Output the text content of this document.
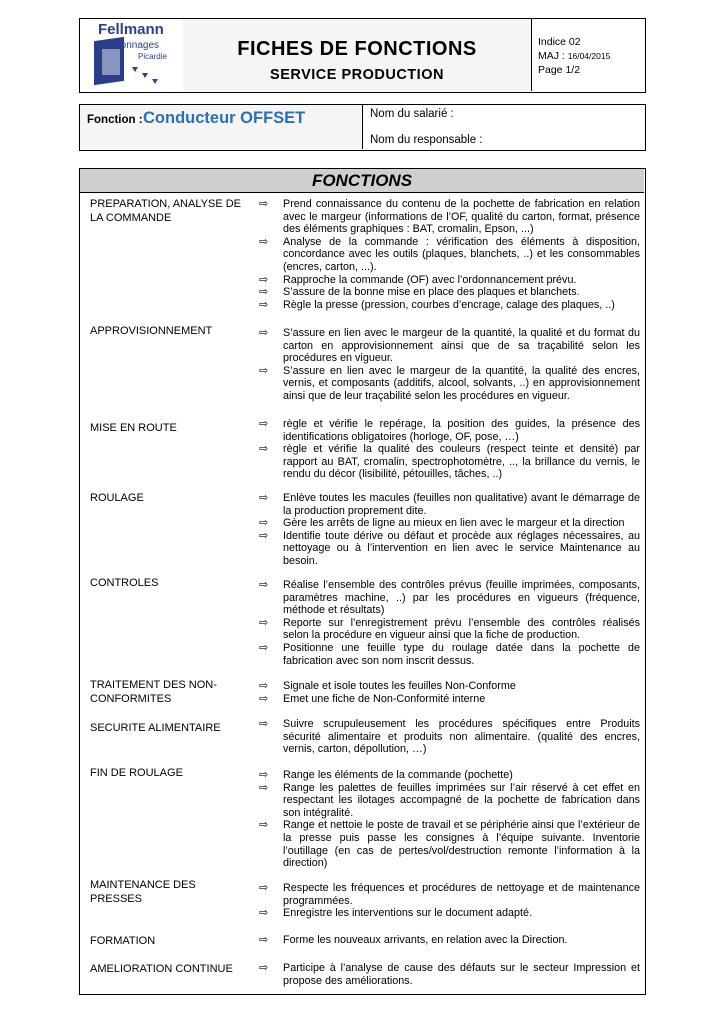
Fellmann
cartonnages
Picardie	FICHES DE FONCTIONS
SERVICE PRODUCTION
Indice 02
MAJ : 16/04/2015
Page 1/2
Fonction : Conducteur OFFSET	Nom du salarié :
Nom du responsable :
FONCTIONS
PREPARATION, ANALYSE DE LA COMMANDE
⇨ Prend connaissance du contenu de la pochette de fabrication en relation avec le margeur (informations de l’OF, qualité du carton, format, présence des éléments graphiques : BAT, cromalin, Epson, ...)
⇨ Analyse de la commande : vérification des éléments à disposition, concordance avec les outils (plaques, blanchets, ..) et les consommables (encres, carton, ...).
⇨ Rapproche la commande (OF) avec l’ordonnancement prévu.
⇨ S’assure de la bonne mise en place des plaques et blanchets.
⇨ Règle la presse (pression, courbes d’encrage, calage des plaques, ..)
APPROVISIONNEMENT	⇨ S’assure en lien avec le margeur de la quantité, la qualité et du format du carton en approvisionnement ainsi que de sa traçabilité selon les procédures en vigueur.
⇨ S’assure en lien avec le margeur de la quantité, la qualité des encres, vernis, et composants (additifs, alcool, solvants, ..) en approvisionnement ainsi que de leur traçabilité selon les procédures en vigueur.
MISE EN ROUTE	⇨ règle et vérifie le repérage, la position des guides, la présence des identifications obligatoires (horloge, OF, pose, …)
⇨ règle et vérifie la qualité des couleurs (respect teinte et densité) par rapport au BAT, cromalin, spectrophotomètre, .., la brillance du vernis, le rendu du décor (lisibilité, pétouilles, tâches, ..)
ROULAGE	⇨ Enlève toutes les macules (feuilles non qualitative) avant le démarrage de la production proprement dite.
⇨ Gère les arrêts de ligne au mieux en lien avec le margeur et la direction
⇨ Identifie toute dérive ou défaut et procède aux réglages nécessaires, au nettoyage ou à l’intervention en lien avec le service Maintenance au besoin.
CONTROLES	⇨ Réalise l’ensemble des contrôles prévus (feuille imprimées, composants, paramètres machine, ..) par les procédures en vigueurs (fréquence, méthode et résultats)
⇨ Reporte sur l’enregistrement prévu l’ensemble des contrôles réalisés selon la procédure en vigueur ainsi que la fiche de production.
⇨ Positionne une feuille type du roulage datée dans la pochette de fabrication avec son nom inscrit dessus.
TRAITEMENT DES NON-CONFORMITES
⇨ Signale et isole toutes les feuilles Non-Conforme
⇨ Emet une fiche de Non-Conformité interne
SECURITE ALIMENTAIRE	⇨ Suivre scrupuleusement les procédures spécifiques entre Produits sécurité alimentaire et produits non alimentaire. (qualité des encres, vernis, carton, dépollution, …)
FIN DE ROULAGE	⇨ Range les éléments de la commande (pochette)
⇨ Range les palettes de feuilles imprimées sur l’air réservé à cet effet en respectant les ilotages accompagné de la pochette de fabrication dans son intégralité.
⇨ Range et nettoie le poste de travail et se périphérie ainsi que l’extérieur de la presse puis passe les consignes à l’équipe suivante. Inventorie l’outillage (en cas de pertes/vol/destruction remonte l’information à la direction)
MAINTENANCE DES PRESSES
⇨ Respecte les fréquences et procédures de nettoyage et de maintenance programmées.
⇨ Enregistre les interventions sur le document adapté.
FORMATION	⇨ Forme les nouveaux arrivants, en relation avec la Direction.
AMELIORATION CONTINUE	⇨ Participe à l’analyse de cause des défauts sur le secteur Impression et propose des améliorations.
